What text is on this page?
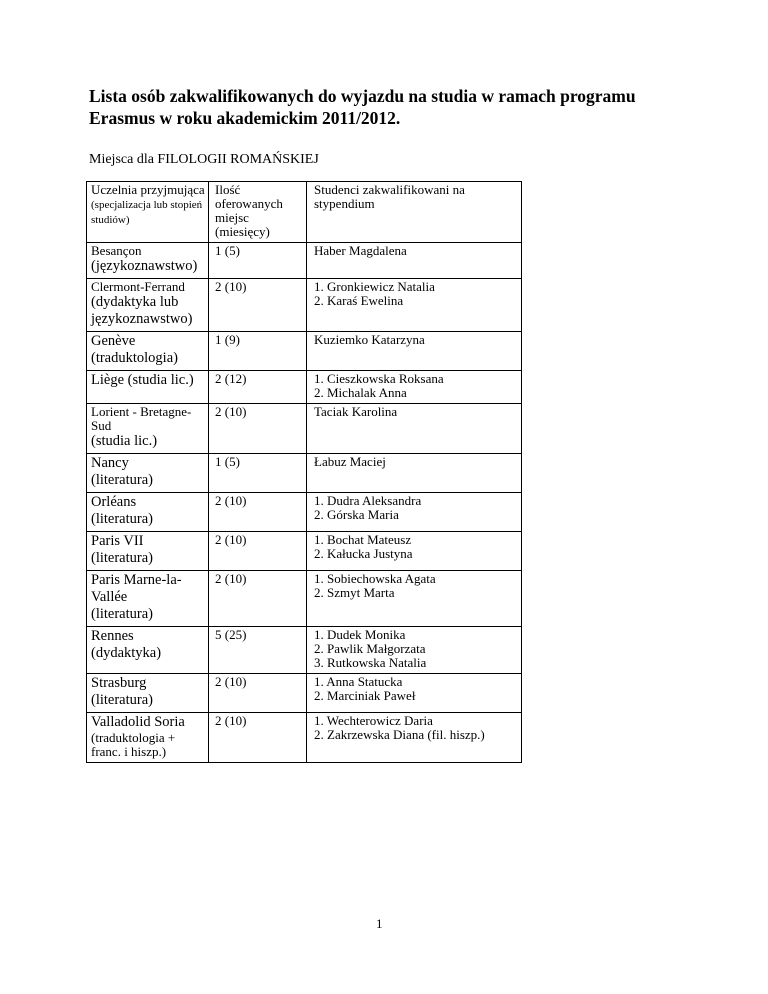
Lista osób zakwalifikowanych do wyjazdu na studia w ramach programu Erasmus w roku akademickim 2011/2012.
Miejsca dla FILOLOGII ROMAŃSKIEJ
Uczelnia przyjmująca
(specjalizacja lub stopień studiów)	Ilość oferowanych miejsc (miesięcy)	Studenci zakwalifikowani na stypendium

Besançon
(językoznawstwo)	1 (5)	Haber Magdalena

Clermont-Ferrand
(dydaktyka lub językoznawstwo)	2 (10)	1. Gronkiewicz Natalia
2. Karaś Ewelina

Genève
(traduktologia)	1 (9)	Kuziemko Katarzyna

Liège (studia lic.)	2 (12)	1. Cieszkowska Roksana
2. Michalak Anna

Lorient - Bretagne-Sud
(studia lic.)	2 (10)	Taciak Karolina

Nancy
(literatura)	1 (5)	Łabuz Maciej

Orléans
(literatura)	2 (10)	1. Dudra Aleksandra
2. Górska Maria

Paris VII
(literatura)	2 (10)	1. Bochat Mateusz
2. Kałucka Justyna

Paris Marne-la-Vallée
(literatura)	2 (10)	1. Sobiechowska Agata
2. Szmyt Marta

Rennes
(dydaktyka)	5 (25)	1. Dudek Monika
2. Pawlik Małgorzata
3. Rutkowska Natalia

Strasburg
(literatura)	2 (10)	1. Anna Statucka
2. Marciniak Paweł

Valladolid Soria
(traduktologia + franc. i hiszp.)	2 (10)	1. Wechterowicz Daria
2. Zakrzewska Diana (fil. hiszp.)
1
